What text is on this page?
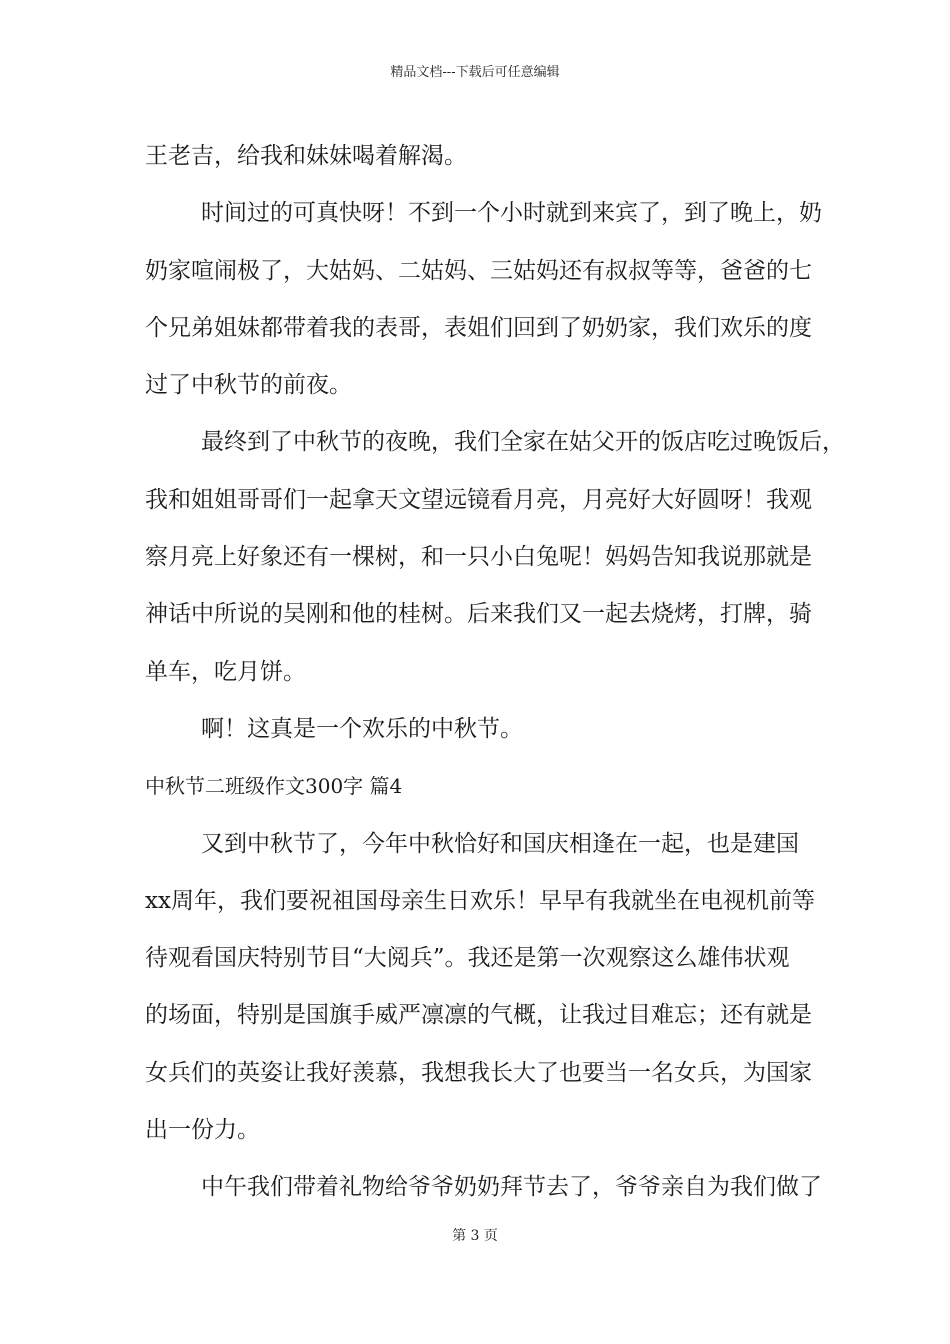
精品文档---下载后可任意编辑
王老吉，给我和妹妹喝着解渴。
时间过的可真快呀！不到一个小时就到来宾了，到了晚上，奶
奶家喧闹极了，大姑妈、二姑妈、三姑妈还有叔叔等等，爸爸的七
个兄弟姐妹都带着我的表哥，表姐们回到了奶奶家，我们欢乐的度
过了中秋节的前夜。
最终到了中秋节的夜晚，我们全家在姑父开的饭店吃过晚饭后，
我和姐姐哥哥们一起拿天文望远镜看月亮，月亮好大好圆呀！我观
察月亮上好象还有一棵树，和一只小白兔呢！妈妈告知我说那就是
神话中所说的吴刚和他的桂树。后来我们又一起去烧烤，打牌，骑
单车，吃月饼。
啊！这真是一个欢乐的中秋节。
中秋节二班级作文300字 篇4
又到中秋节了，今年中秋恰好和国庆相逢在一起，也是建国
xx周年，我们要祝祖国母亲生日欢乐！早早有我就坐在电视机前等
待观看国庆特别节目“大阅兵”。我还是第一次观察这么雄伟状观
的场面，特别是国旗手威严凛凛的气概，让我过目难忘；还有就是
女兵们的英姿让我好羡慕，我想我长大了也要当一名女兵，为国家
出一份力。
中午我们带着礼物给爷爷奶奶拜节去了，爷爷亲自为我们做了
第 3 页
